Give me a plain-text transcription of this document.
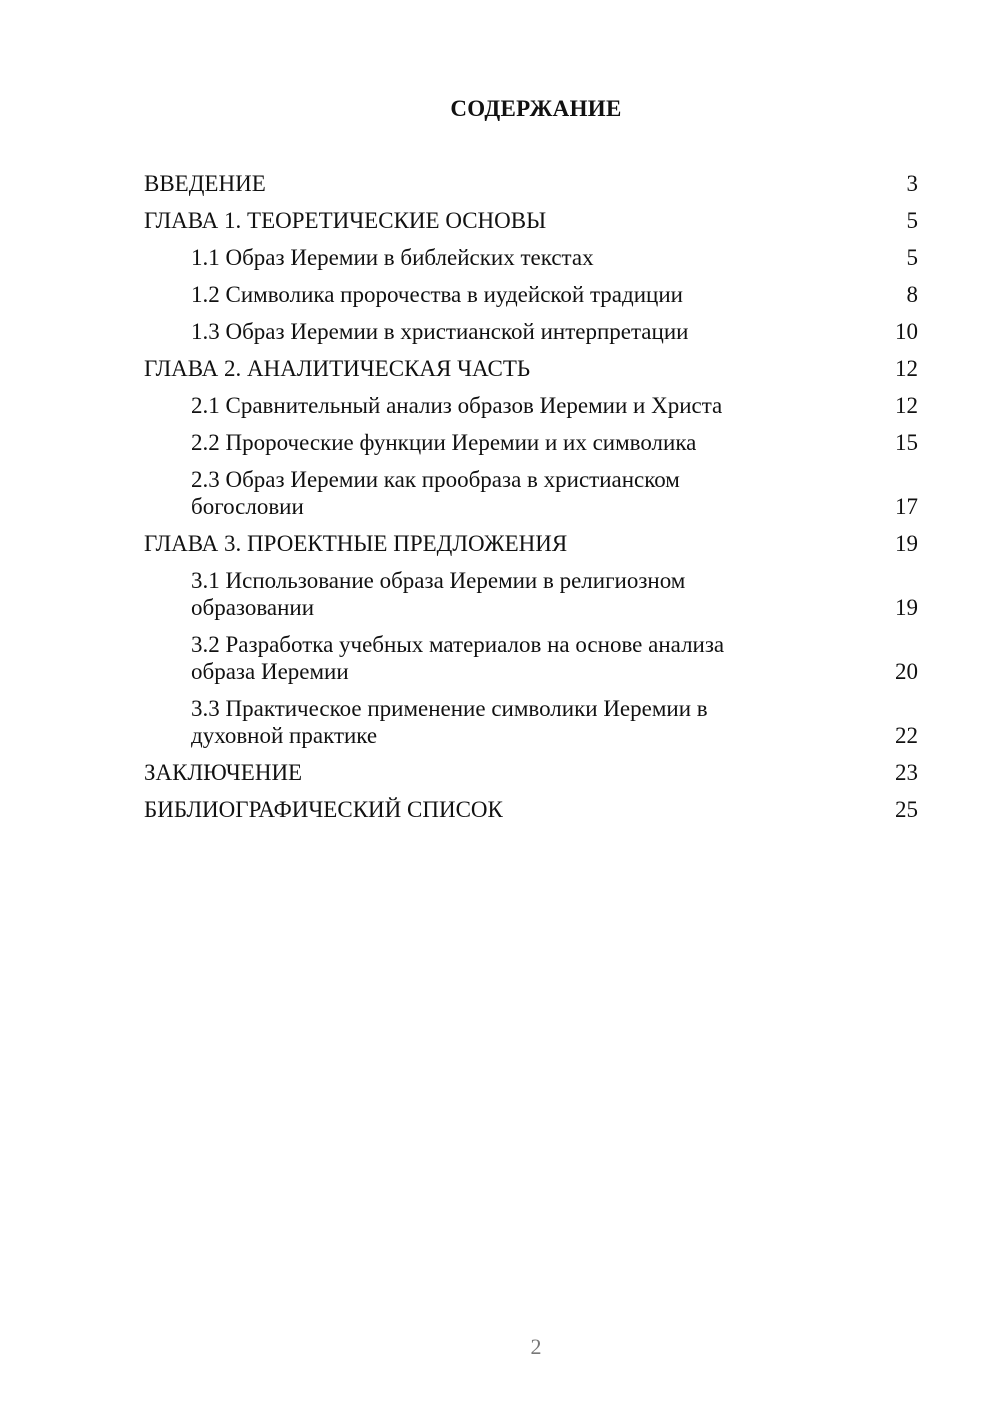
СОДЕРЖАНИЕ
ВВЕДЕНИЕ	3
ГЛАВА 1. ТЕОРЕТИЧЕСКИЕ ОСНОВЫ	5
1.1 Образ Иеремии в библейских текстах	5
1.2 Символика пророчества в иудейской традиции	8
1.3 Образ Иеремии в христианской интерпретации	10
ГЛАВА 2. АНАЛИТИЧЕСКАЯ ЧАСТЬ	12
2.1 Сравнительный анализ образов Иеремии и Христа	12
2.2 Пророческие функции Иеремии и их символика	15
2.3 Образ Иеремии как прообраза в христианском богословии	17
ГЛАВА 3. ПРОЕКТНЫЕ ПРЕДЛОЖЕНИЯ	19
3.1 Использование образа Иеремии в религиозном образовании	19
3.2 Разработка учебных материалов на основе анализа образа Иеремии	20
3.3 Практическое применение символики Иеремии в духовной практике	22
ЗАКЛЮЧЕНИЕ	23
БИБЛИОГРАФИЧЕСКИЙ СПИСОК	25
2
